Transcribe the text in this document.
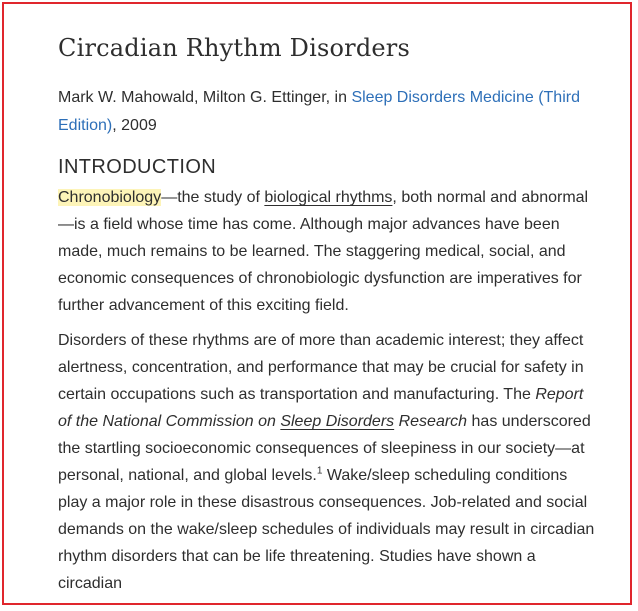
Circadian Rhythm Disorders
Mark W. Mahowald, Milton G. Ettinger, in Sleep Disorders Medicine (Third Edition), 2009
INTRODUCTION

Chronobiology—the study of biological rhythms, both normal and abnormal—is a field whose time has come. Although major advances have been made, much remains to be learned. The staggering medical, social, and economic consequences of chronobiologic dysfunction are imperatives for further advancement of this exciting field.

Disorders of these rhythms are of more than academic interest; they affect alertness, concentration, and performance that may be crucial for safety in certain occupations such as transportation and manufacturing. The Report of the National Commission on Sleep Disorders Research has underscored the startling socioeconomic consequences of sleepiness in our society—at personal, national, and global levels.$^1$ Wake/sleep scheduling conditions play a major role in these disastrous consequences. Job-related and social demands on the wake/sleep schedules of individuals may result in circadian rhythm disorders that can be life threatening. Studies have shown a circadian
